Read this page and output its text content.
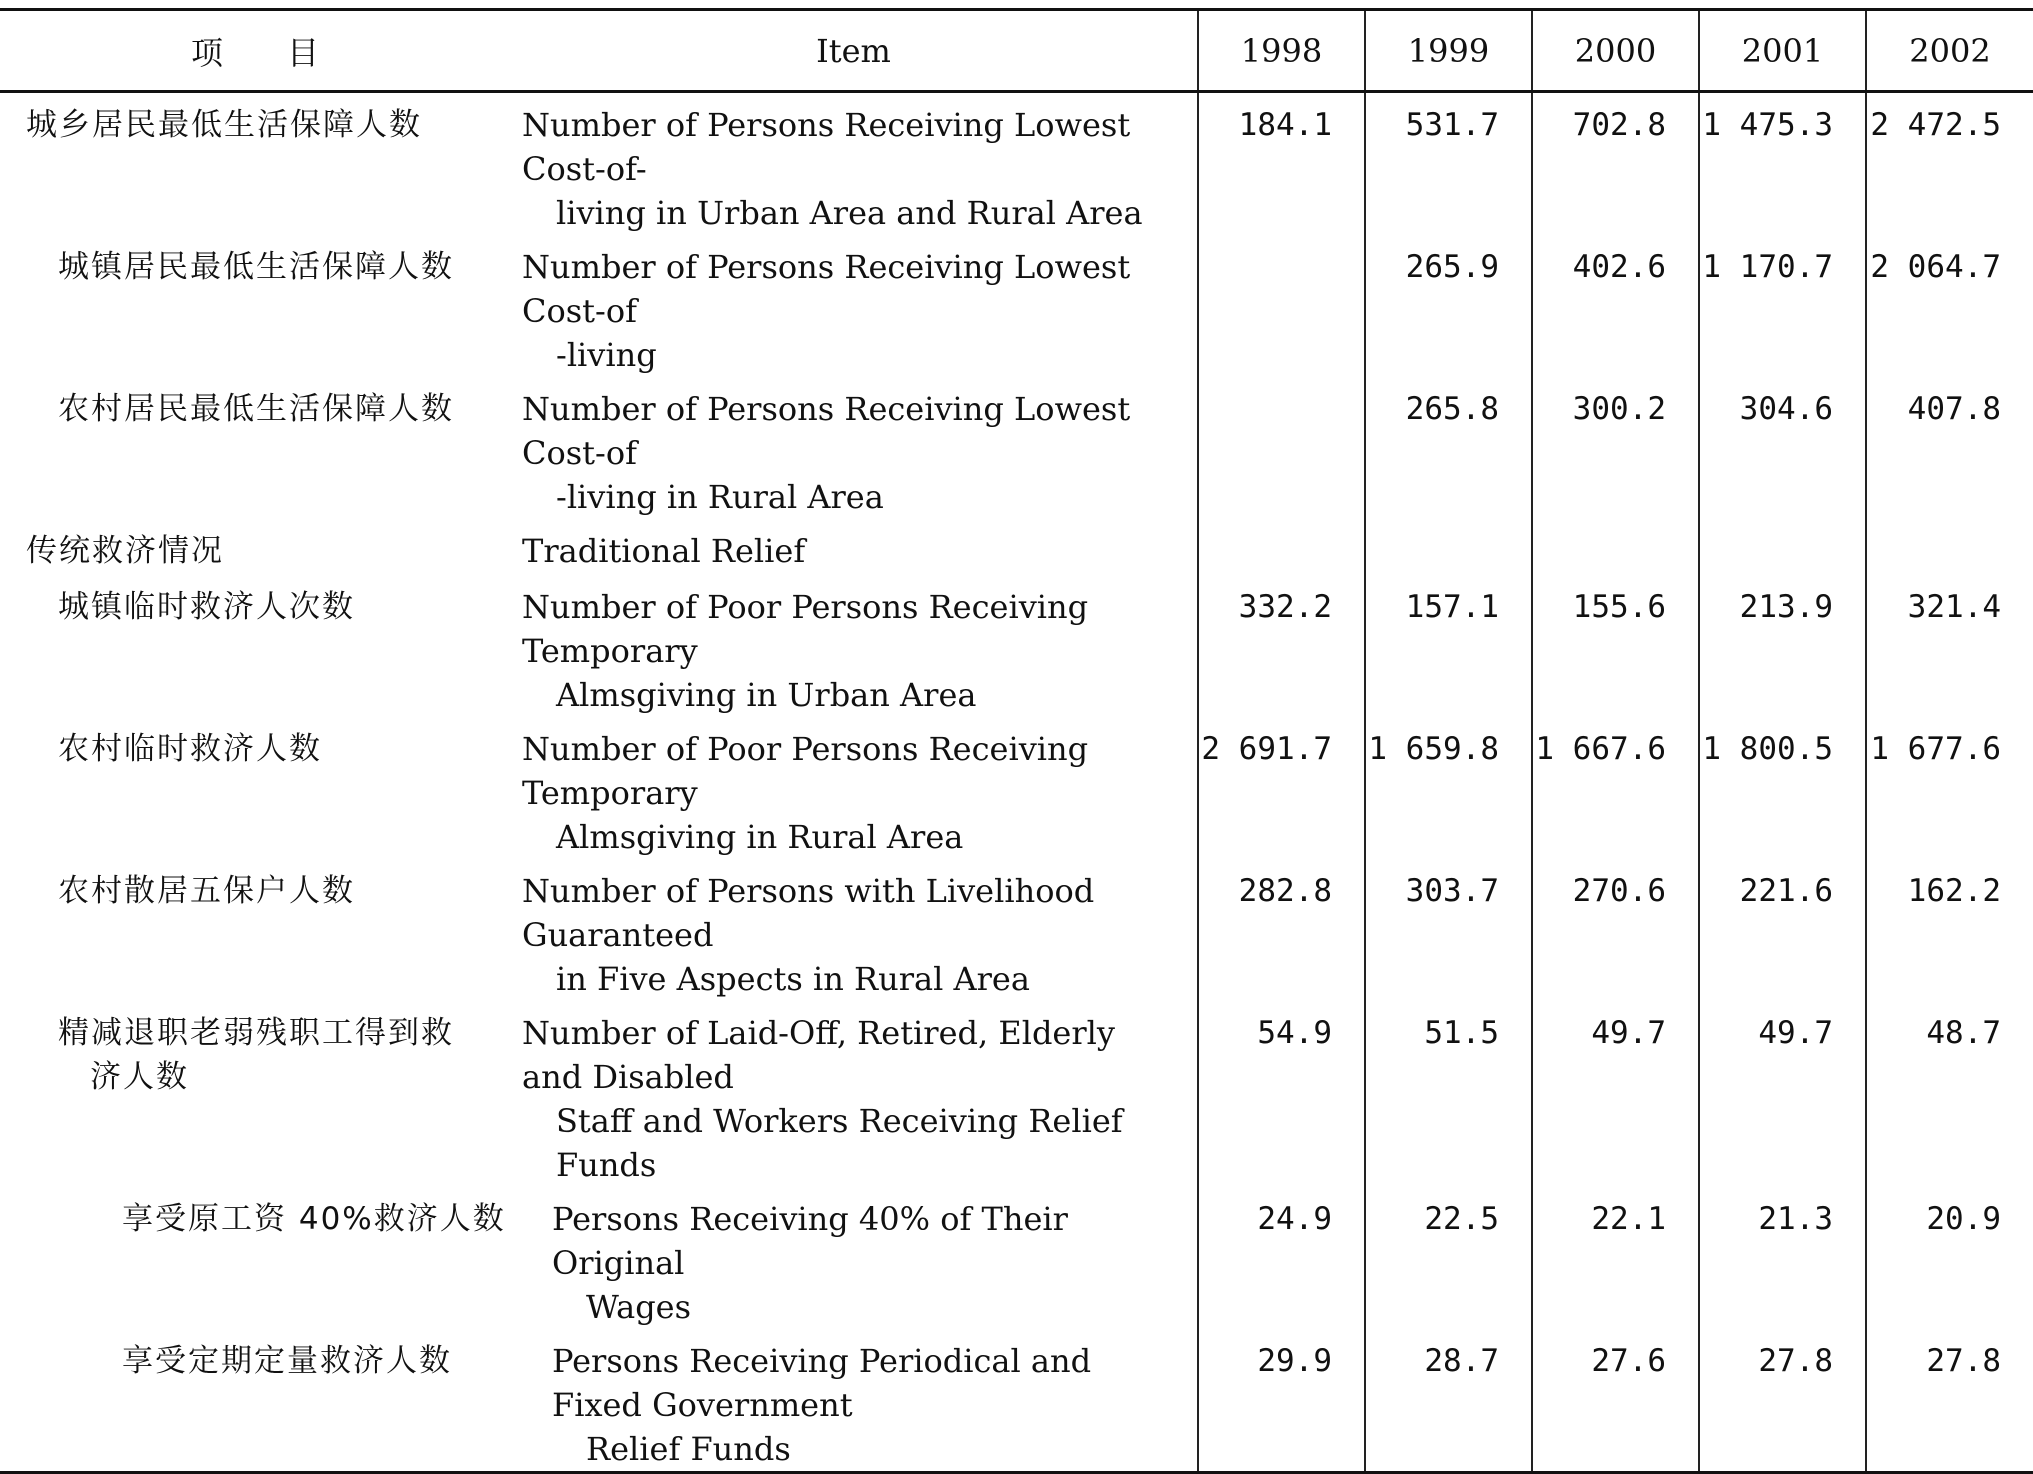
项　　目	Item	1998	1999	2000	2001	2002

城乡居民最低生活保障人数	Number of Persons Receiving Lowest Cost-of-
living in Urban Area and Rural Area	184.1	531.7	702.8	1 475.3	2 472.5

城镇居民最低生活保障人数	Number of Persons Receiving Lowest Cost-of
-living		265.9	402.6	1 170.7	2 064.7

农村居民最低生活保障人数	Number of Persons Receiving Lowest Cost-of
-living in Rural Area		265.8	300.2	304.6	407.8

传统救济情况	Traditional Relief					

城镇临时救济人次数	Number of Poor Persons Receiving Temporary
Almsgiving in Urban Area	332.2	157.1	155.6	213.9	321.4

农村临时救济人数	Number of Poor Persons Receiving Temporary
Almsgiving in Rural Area	2 691.7	1 659.8	1 667.6	1 800.5	1 677.6

农村散居五保户人数	Number of Persons with Livelihood Guaranteed
in Five Aspects in Rural Area	282.8	303.7	270.6	221.6	162.2

精减退职老弱残职工得到救
济人数	Number of Laid-Off, Retired, Elderly and Disabled
Staff and Workers Receiving Relief Funds	54.9	51.5	49.7	49.7	48.7

享受原工资 40%救济人数	Persons Receiving 40% of Their Original
Wages	24.9	22.5	22.1	21.3	20.9

享受定期定量救济人数	Persons Receiving Periodical and Fixed Government
Relief Funds	29.9	28.7	27.6	27.8	27.8
